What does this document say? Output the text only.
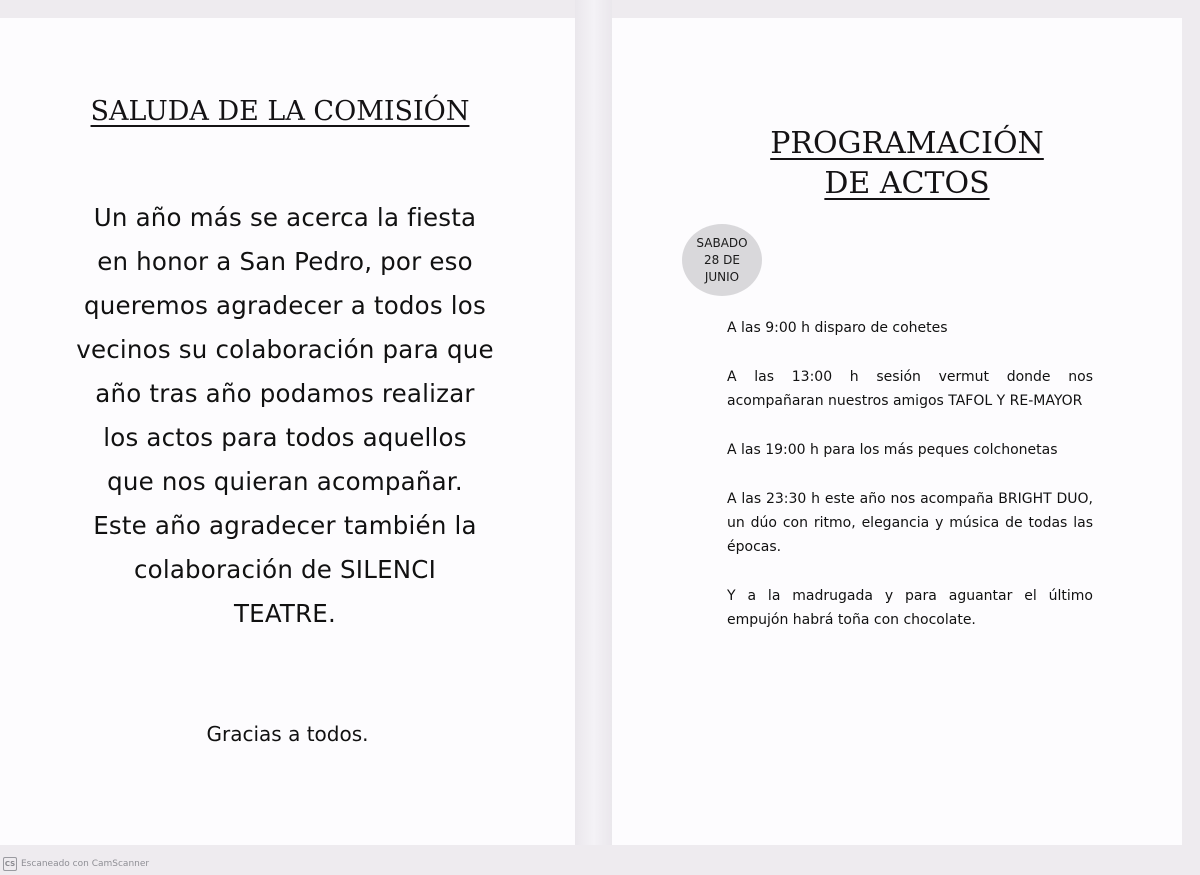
SALUDA DE LA COMISIÓN

Un año más se acerca la fiesta
en honor a San Pedro, por eso
queremos agradecer a todos los
vecinos su colaboración para que
año tras año podamos realizar
los actos para todos aquellos
que nos quieran acompañar.
Este año agradecer también la
colaboración de SILENCI
TEATRE.

Gracias a todos.

PROGRAMACIÓN
DE ACTOS
SABADO
28 DE
JUNIO
A las 9:00 h disparo de cohetes
A las 13:00 h sesión vermut donde nos acompañaran nuestros amigos TAFOL Y RE-MAYOR
A las 19:00 h para los más peques colchonetas
A las 23:30 h este año nos acompaña BRIGHT DUO, un dúo con ritmo, elegancia y música de todas las épocas.
Y a la madrugada y para aguantar el último empujón habrá toña con chocolate.
CS Escaneado con CamScanner
